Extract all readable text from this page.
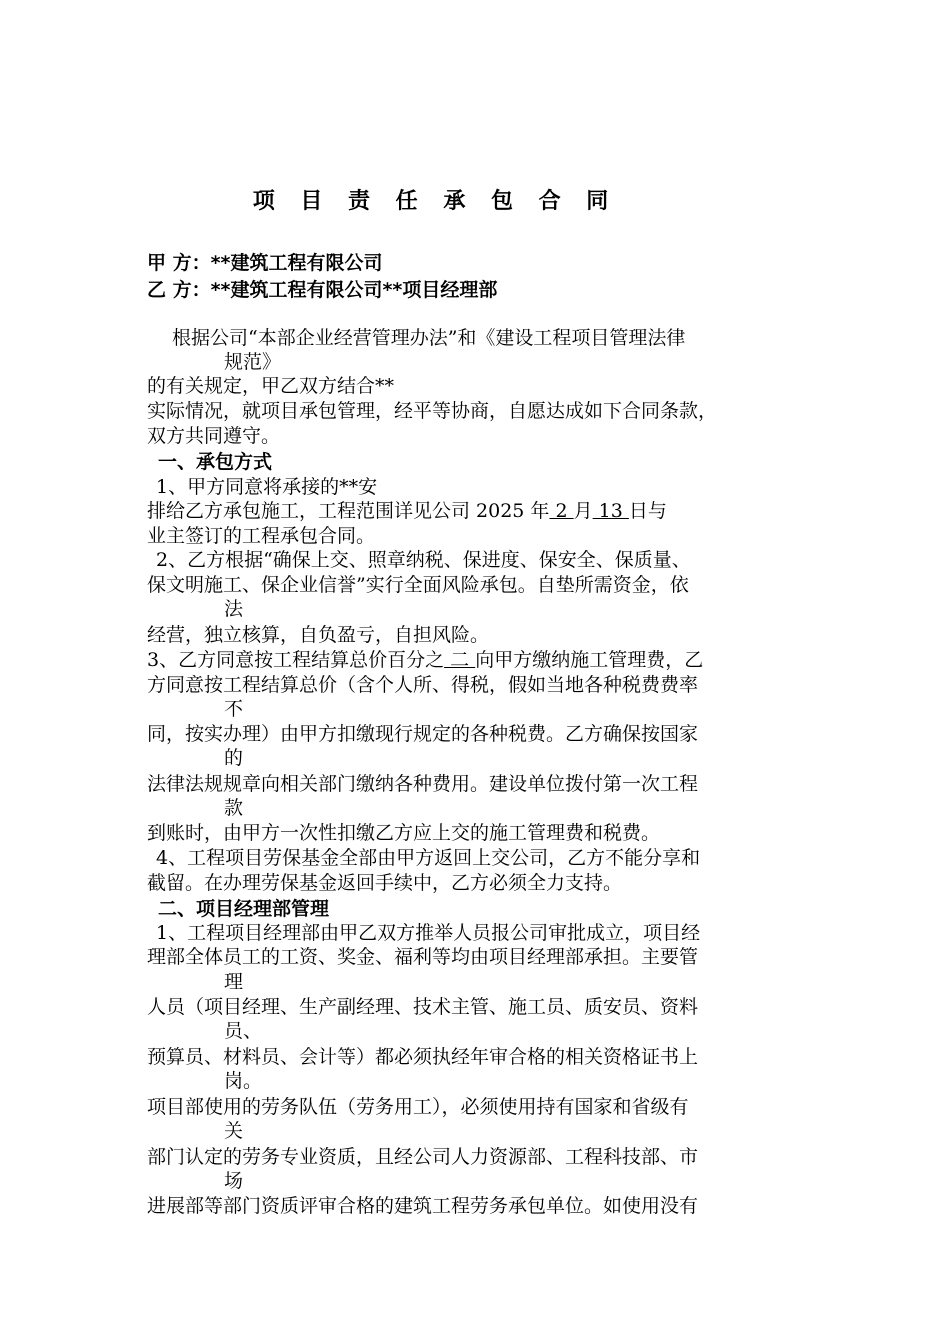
项 目 责 任 承 包 合 同
甲 方：**建筑工程有限公司
乙 方：**建筑工程有限公司**项目经理部
根据公司“本部企业经营管理办法”和《建设工程项目管理法律
规范》
的有关规定，甲乙双方结合**
实际情况，就项目承包管理，经平等协商，自愿达成如下合同条款，
双方共同遵守。
一、承包方式
1、甲方同意将承接的**安
排给乙方承包施工，工程范围详见公司 2025 年 2 月 13 日与
业主签订的工程承包合同。
2、乙方根据“确保上交、照章纳税、保进度、保安全、保质量、
保文明施工、保企业信誉”实行全面风险承包。自垫所需资金，依
法
经营，独立核算，自负盈亏，自担风险。
3、乙方同意按工程结算总价百分之 二 向甲方缴纳施工管理费，乙
方同意按工程结算总价（含个人所、得税，假如当地各种税费费率
不
同，按实办理）由甲方扣缴现行规定的各种税费。乙方确保按国家
的
法律法规规章向相关部门缴纳各种费用。建设单位拨付第一次工程
款
到账时，由甲方一次性扣缴乙方应上交的施工管理费和税费。
4、工程项目劳保基金全部由甲方返回上交公司，乙方不能分享和
截留。在办理劳保基金返回手续中，乙方必须全力支持。
二、项目经理部管理
1、工程项目经理部由甲乙双方推举人员报公司审批成立，项目经
理部全体员工的工资、奖金、福利等均由项目经理部承担。主要管
理
人员（项目经理、生产副经理、技术主管、施工员、质安员、资料
员、
预算员、材料员、会计等）都必须执经年审合格的相关资格证书上
岗。
项目部使用的劳务队伍（劳务用工），必须使用持有国家和省级有
关
部门认定的劳务专业资质，且经公司人力资源部、工程科技部、市
场
进展部等部门资质评审合格的建筑工程劳务承包单位。如使用没有
